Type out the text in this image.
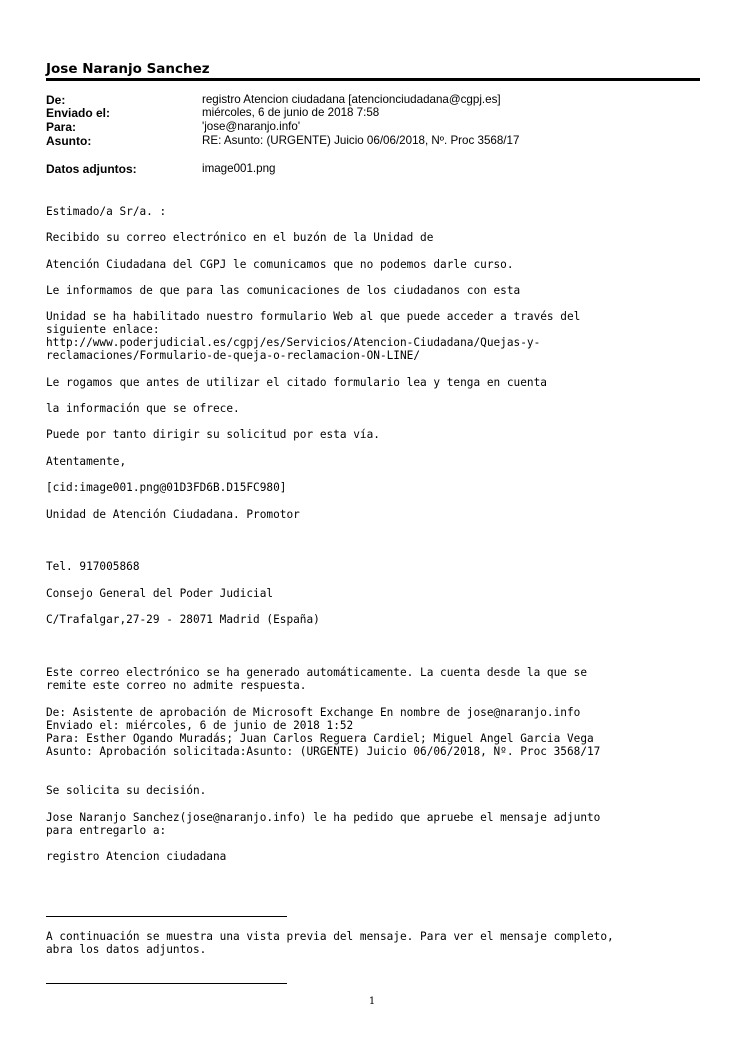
Jose Naranjo Sanchez
De:	registro Atencion ciudadana [atencionciudadana@cgpj.es]
Enviado el:	miércoles, 6 de junio de 2018 7:58
Para:	'jose@naranjo.info'
Asunto:	RE: Asunto: (URGENTE) Juicio 06/06/2018, Nº. Proc 3568/17
Datos adjuntos:	image001.png
Estimado/a Sr/a. :
Recibido su correo electrónico en el buzón de la Unidad de
Atención Ciudadana del CGPJ le comunicamos que no podemos darle curso.
Le informamos de que para las comunicaciones de los ciudadanos con esta
Unidad se ha habilitado nuestro formulario Web al que puede acceder a través del
siguiente enlace:
http://www.poderjudicial.es/cgpj/es/Servicios/Atencion-Ciudadana/Quejas-y-
reclamaciones/Formulario-de-queja-o-reclamacion-ON-LINE/
Le rogamos que antes de utilizar el citado formulario lea y tenga en cuenta
la información que se ofrece.
Puede por tanto dirigir su solicitud por esta vía.
Atentamente,
[cid:image001.png@01D3FD6B.D15FC980]
Unidad de Atención Ciudadana. Promotor
Tel. 917005868
Consejo General del Poder Judicial
C/Trafalgar,27-29 - 28071 Madrid (España)
Este correo electrónico se ha generado automáticamente. La cuenta desde la que se
remite este correo no admite respuesta.
De: Asistente de aprobación de Microsoft Exchange En nombre de jose@naranjo.info
Enviado el: miércoles, 6 de junio de 2018 1:52
Para: Esther Ogando Muradás; Juan Carlos Reguera Cardiel; Miguel Angel Garcia Vega
Asunto: Aprobación solicitada:Asunto: (URGENTE) Juicio 06/06/2018, Nº. Proc 3568/17
Se solicita su decisión.
Jose Naranjo Sanchez(jose@naranjo.info) le ha pedido que apruebe el mensaje adjunto
para entregarlo a:
registro Atencion ciudadana
A continuación se muestra una vista previa del mensaje. Para ver el mensaje completo,
abra los datos adjuntos.
1
